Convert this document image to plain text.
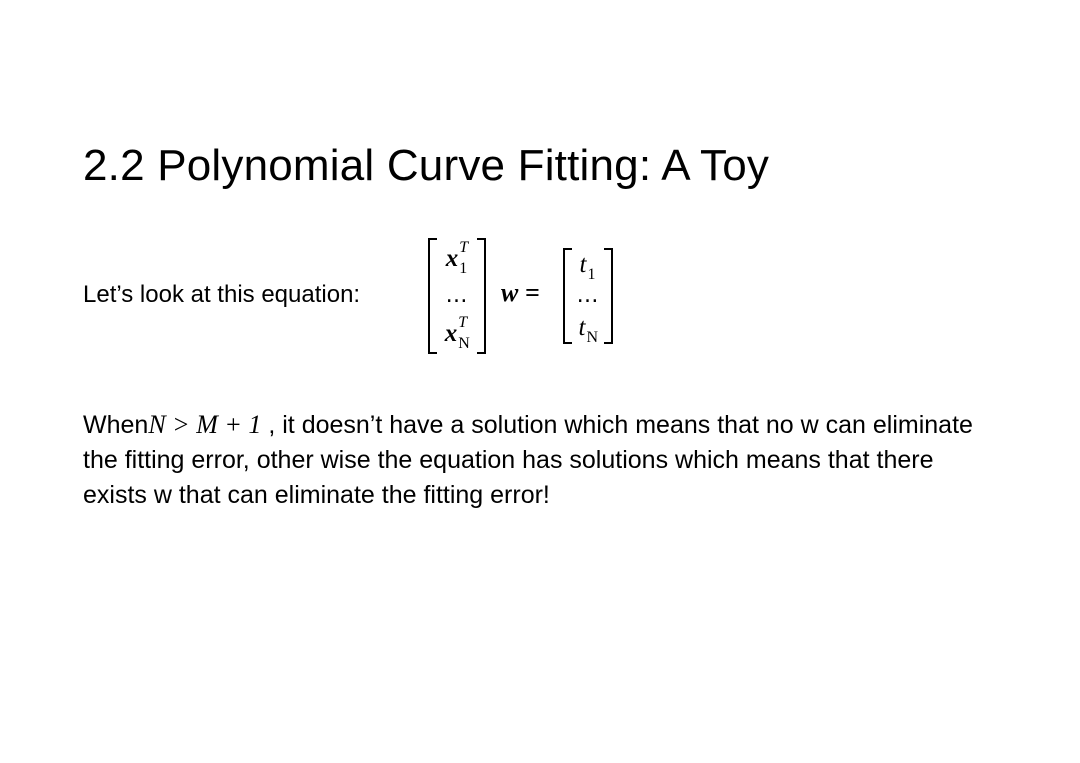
2.2 Polynomial Curve Fitting: A Toy
Let’s look at this equation:
x T
1
…
x T
N
w =
t 1
…
t N
WhenN > M + 1 , it doesn’t have a solution which means that no w can eliminate the fitting error, other wise the equation has solutions which means that there exists w that can eliminate the fitting error!
